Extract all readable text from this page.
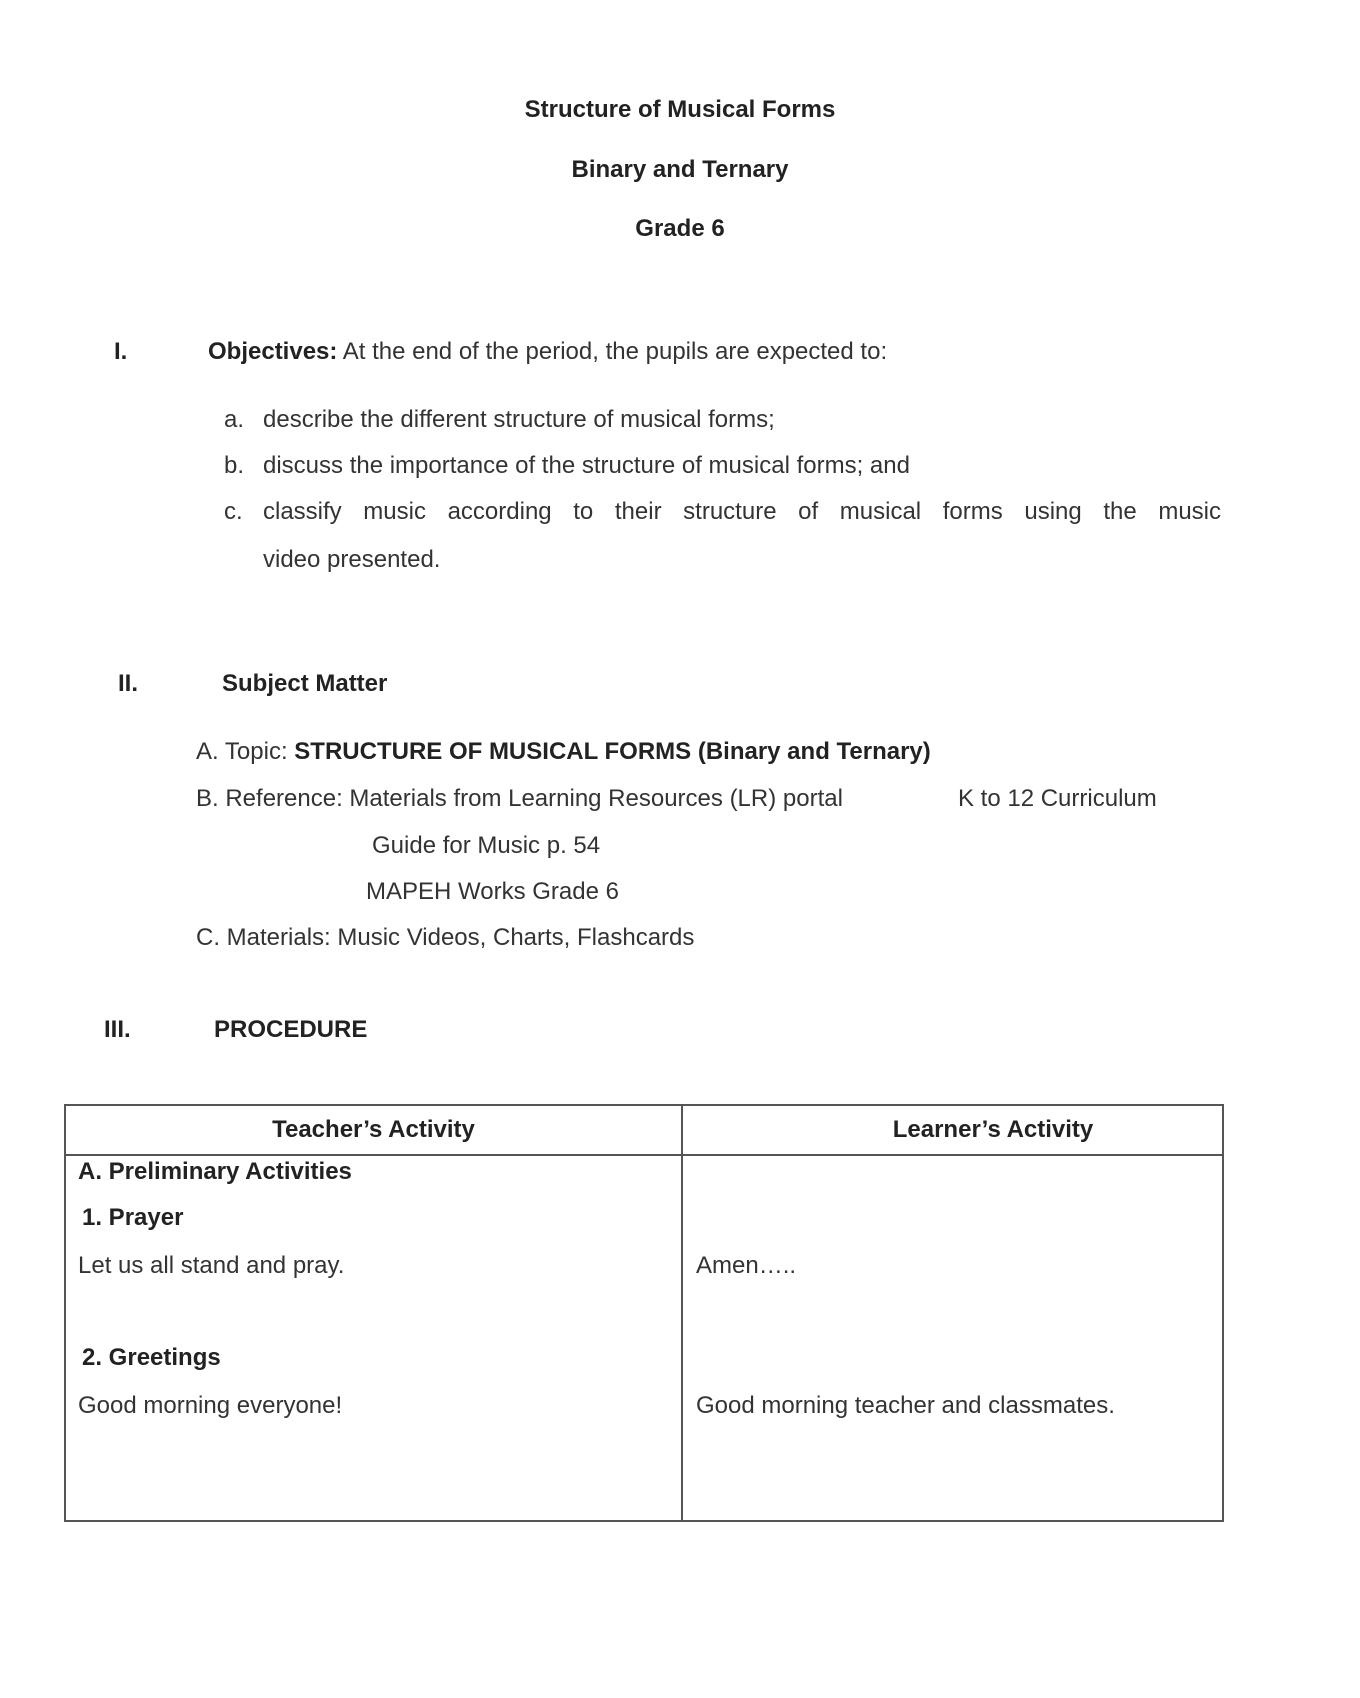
Structure of Musical Forms
Binary and Ternary
Grade 6
I.	Objectives: At the end of the period, the pupils are expected to:
a. describe the different structure of musical forms;
b. discuss the importance of the structure of musical forms; and
c. classify music according to their structure of musical forms using the music
video presented.
II.	Subject Matter
A. Topic: STRUCTURE OF MUSICAL FORMS (Binary and Ternary)
B. Reference: Materials from Learning Resources (LR) portal	K to 12 Curriculum
Guide for Music p. 54
MAPEH Works Grade 6
C. Materials: Music Videos, Charts, Flashcards
III.	PROCEDURE
Teacher’s Activity	Learner’s Activity
A. Preliminary Activities
1. Prayer
Let us all stand and pray.	Amen…..
2. Greetings
Good morning everyone!	Good morning teacher and classmates.
